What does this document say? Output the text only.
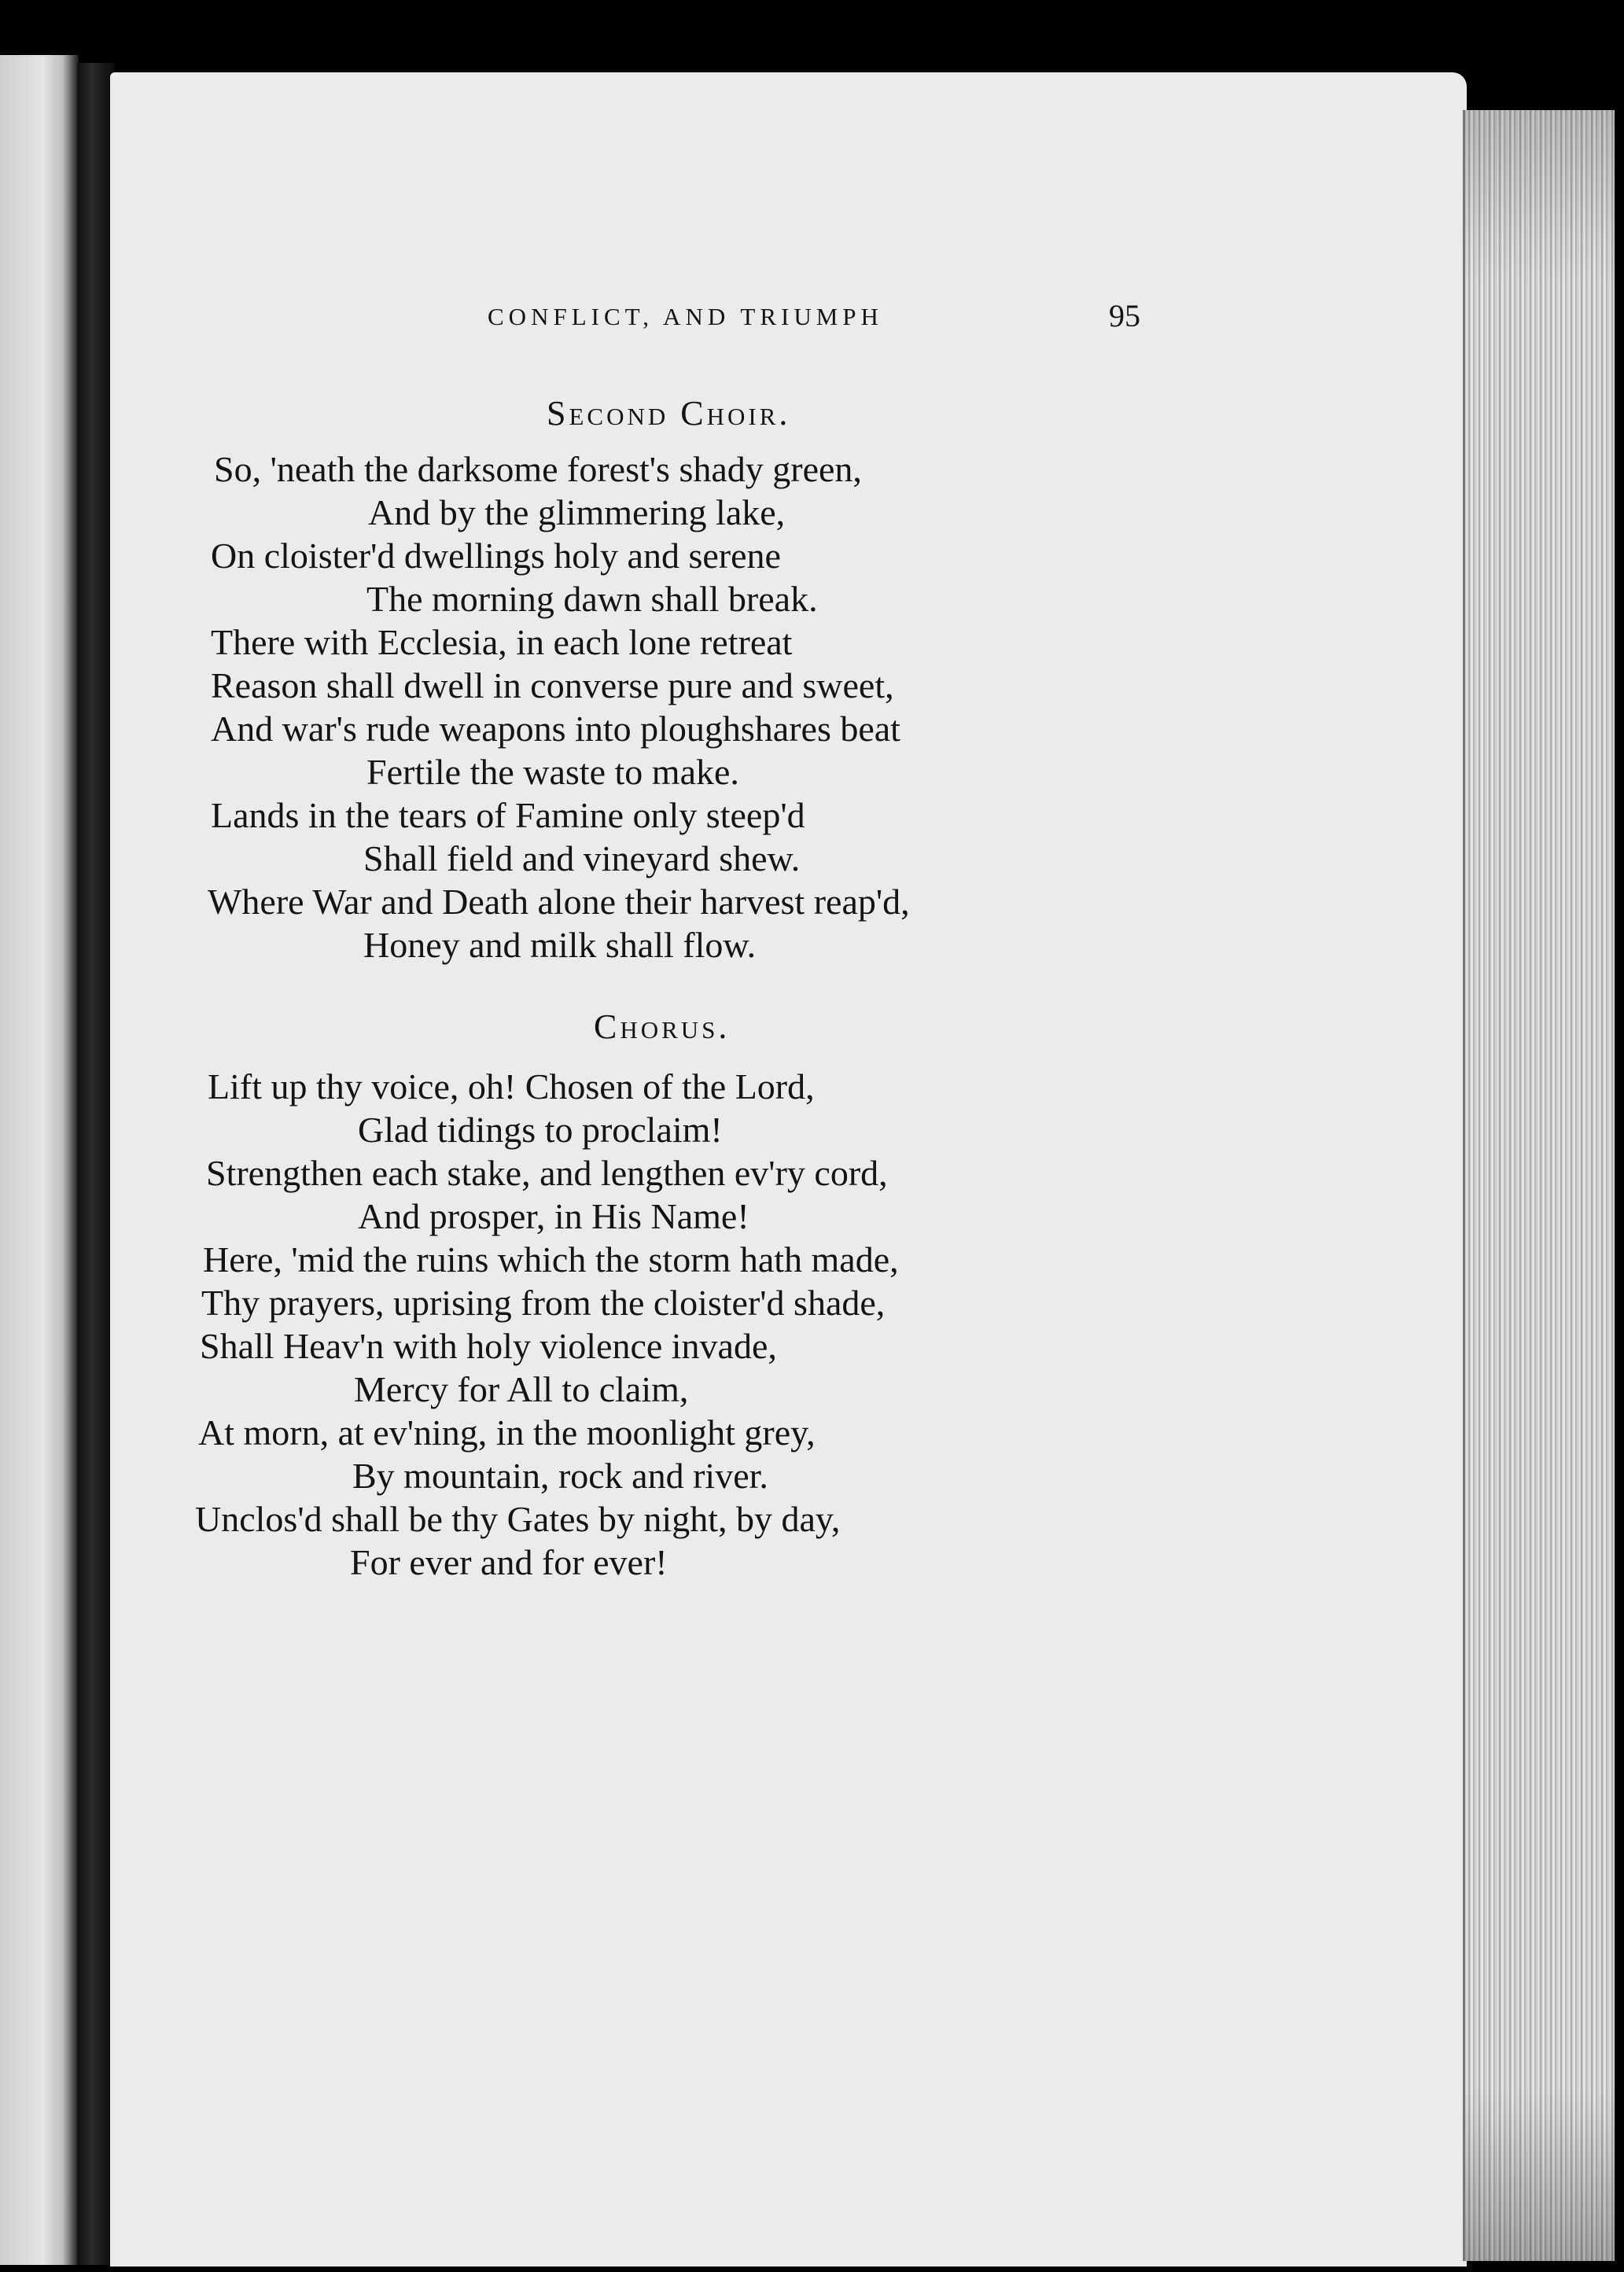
CONFLICT, AND TRIUMPH	95
Second Choir.
So, 'neath the darksome forest's shady green,
And by the glimmering lake,
On cloister'd dwellings holy and serene
The morning dawn shall break.
There with Ecclesia, in each lone retreat
Reason shall dwell in converse pure and sweet,
And war's rude weapons into ploughshares beat
Fertile the waste to make.
Lands in the tears of Famine only steep'd
Shall field and vineyard shew.
Where War and Death alone their harvest reap'd,
Honey and milk shall flow.
Chorus.
Lift up thy voice, oh! Chosen of the Lord,
Glad tidings to proclaim!
Strengthen each stake, and lengthen ev'ry cord,
And prosper, in His Name!
Here, 'mid the ruins which the storm hath made,
Thy prayers, uprising from the cloister'd shade,
Shall Heav'n with holy violence invade,
Mercy for All to claim,
At morn, at ev'ning, in the moonlight grey,
By mountain, rock and river.
Unclos'd shall be thy Gates by night, by day,
For ever and for ever!
